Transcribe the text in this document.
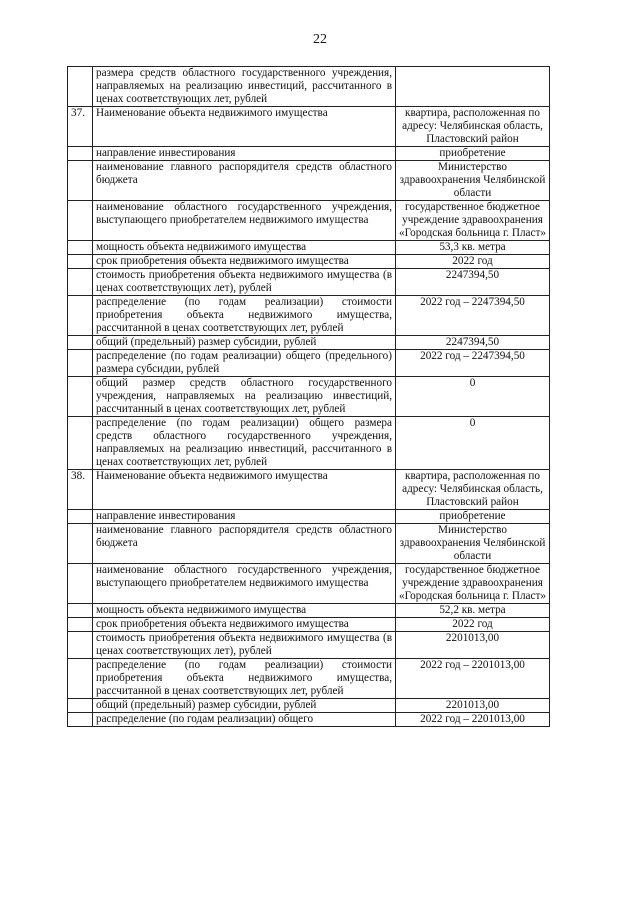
22
	размера средств областного государственного учреждения, направляемых на реализацию инвестиций, рассчитанного в ценах соответствующих лет, рублей	
37.	Наименование объекта недвижимого имущества	квартира, расположенная по адресу: Челябинская область, Пластовский район
	направление инвестирования	приобретение
	наименование главного распорядителя средств областного бюджета	Министерство здравоохранения Челябинской области
	наименование областного государственного учреждения, выступающего приобретателем недвижимого имущества	государственное бюджетное учреждение здравоохранения «Городская больница г. Пласт»
	мощность объекта недвижимого имущества	53,3 кв. метра
	срок приобретения объекта недвижимого имущества	2022 год
	стоимость приобретения объекта недвижимого имущества (в ценах соответствующих лет), рублей	2247394,50
	распределение (по годам реализации) стоимости приобретения объекта недвижимого имущества, рассчитанной в ценах соответствующих лет, рублей	2022 год – 2247394,50
	общий (предельный) размер субсидии, рублей	2247394,50
	распределение (по годам реализации) общего (предельного) размера субсидии, рублей	2022 год – 2247394,50
	общий размер средств областного государственного учреждения, направляемых на реализацию инвестиций, рассчитанный в ценах соответствующих лет, рублей	0
	распределение (по годам реализации) общего размера средств областного государственного учреждения, направляемых на реализацию инвестиций, рассчитанного в ценах соответствующих лет, рублей	0
38.	Наименование объекта недвижимого имущества	квартира, расположенная по адресу: Челябинская область, Пластовский район
	направление инвестирования	приобретение
	наименование главного распорядителя средств областного бюджета	Министерство здравоохранения Челябинской области
	наименование областного государственного учреждения, выступающего приобретателем недвижимого имущества	государственное бюджетное учреждение здравоохранения «Городская больница г. Пласт»
	мощность объекта недвижимого имущества	52,2 кв. метра
	срок приобретения объекта недвижимого имущества	2022 год
	стоимость приобретения объекта недвижимого имущества (в ценах соответствующих лет), рублей	2201013,00
	распределение (по годам реализации) стоимости приобретения объекта недвижимого имущества, рассчитанной в ценах соответствующих лет, рублей	2022 год – 2201013,00
	общий (предельный) размер субсидии, рублей	2201013,00
	распределение (по годам реализации) общего	2022 год – 2201013,00
